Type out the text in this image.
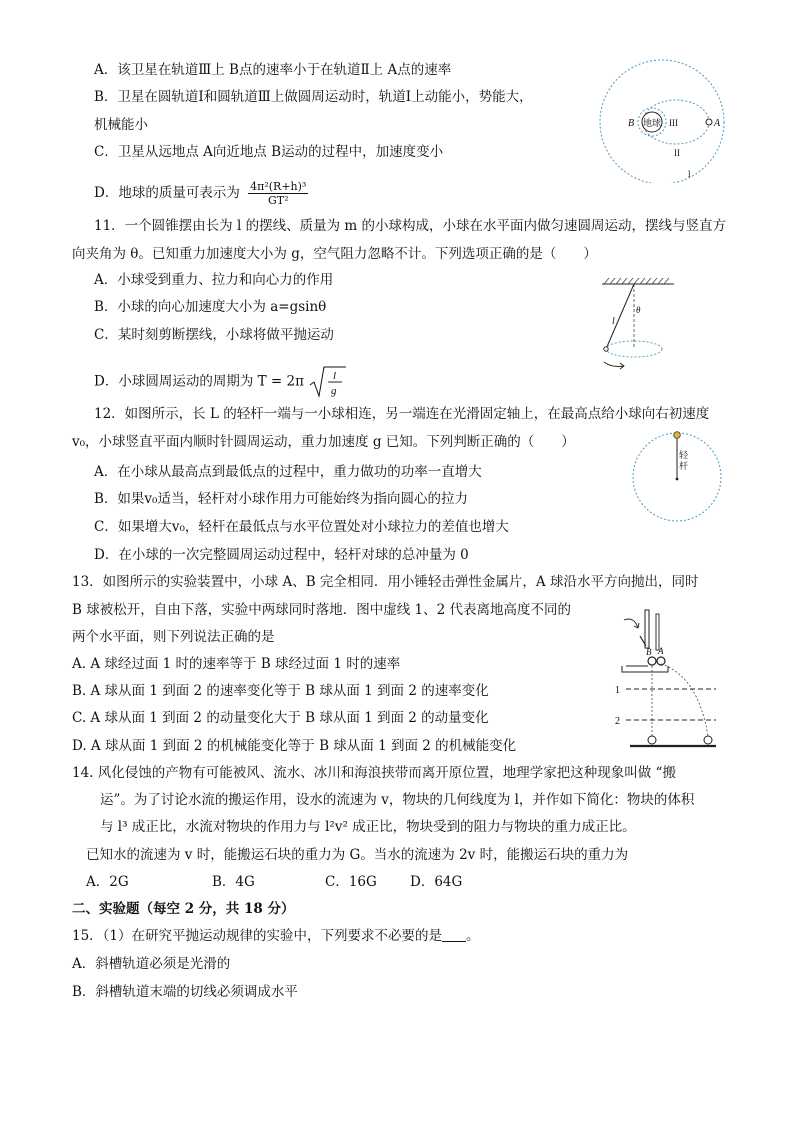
A．该卫星在轨道Ⅲ上 B点的速率小于在轨道Ⅱ上 A点的速率
B．卫星在圆轨道Ⅰ和圆轨道Ⅲ上做圆周运动时，轨道Ⅰ上动能小，势能大，
机械能小
C．卫星从远地点 A向近地点 B运动的过程中，加速度变小
D．地球的质量可表示为 $\frac{\text{4π²(R+h)³}}{\text{GT²}}$
B 地球 III	A
II
l
11．一个圆锥摆由长为 l 的摆线、质量为 m 的小球构成，小球在水平面内做匀速圆周运动，摆线与竖直方
向夹角为 θ。已知重力加速度大小为 g，空气阻力忽略不计。下列选项正确的是（　　）
A．小球受到重力、拉力和向心力的作用
B．小球的向心加速度大小为 a=gsinθ
C．某时刻剪断摆线，小球将做平抛运动
D．小球圆周运动的周期为 T = 2π	l
g
l
θ
12．如图所示，长 L 的轻杆一端与一小球相连，另一端连在光滑固定轴上，在最高点给小球向右初速度
v₀，小球竖直平面内顺时针圆周运动，重力加速度 g 已知。下列判断正确的（　　）
A．在小球从最高点到最低点的过程中，重力做功的功率一直增大
B．如果v₀适当，轻杆对小球作用力可能始终为指向圆心的拉力
C．如果增大v₀，轻杆在最低点与水平位置处对小球拉力的差值也增大
D．在小球的一次完整圆周运动过程中，轻杆对球的总冲量为 0
轻
杆
13．如图所示的实验装置中，小球 A、B 完全相同．用小锤轻击弹性金属片，A 球沿水平方向抛出，同时
B 球被松开，自由下落，实验中两球同时落地．图中虚线 1、2 代表离地高度不同的
两个水平面，则下列说法正确的是
A. A 球经过面 1 时的速率等于 B 球经过面 1 时的速率
B. A 球从面 1 到面 2 的速率变化等于 B 球从面 1 到面 2 的速率变化
C. A 球从面 1 到面 2 的动量变化大于 B 球从面 1 到面 2 的动量变化
D. A 球从面 1 到面 2 的机械能变化等于 B 球从面 1 到面 2 的机械能变化
B A
1
2
14. 风化侵蚀的产物有可能被风、流水、冰川和海浪挟带而离开原位置，地理学家把这种现象叫做 “搬
运”。为了讨论水流的搬运作用，设水的流速为 v，物块的几何线度为 l，并作如下简化：物块的体积
与 l³ 成正比，水流对物块的作用力与 l²v² 成正比，物块受到的阻力与物块的重力成正比。
已知水的流速为 v 时，能搬运石块的重力为 G。当水的流速为 2v 时，能搬运石块的重力为
A．2G	B．4G	C．16G D．64G
二、实验题（每空 2 分，共 18 分）
15．（1）在研究平抛运动规律的实验中，下列要求不必要的是 。
A．斜槽轨道必须是光滑的
B．斜槽轨道末端的切线必须调成水平
